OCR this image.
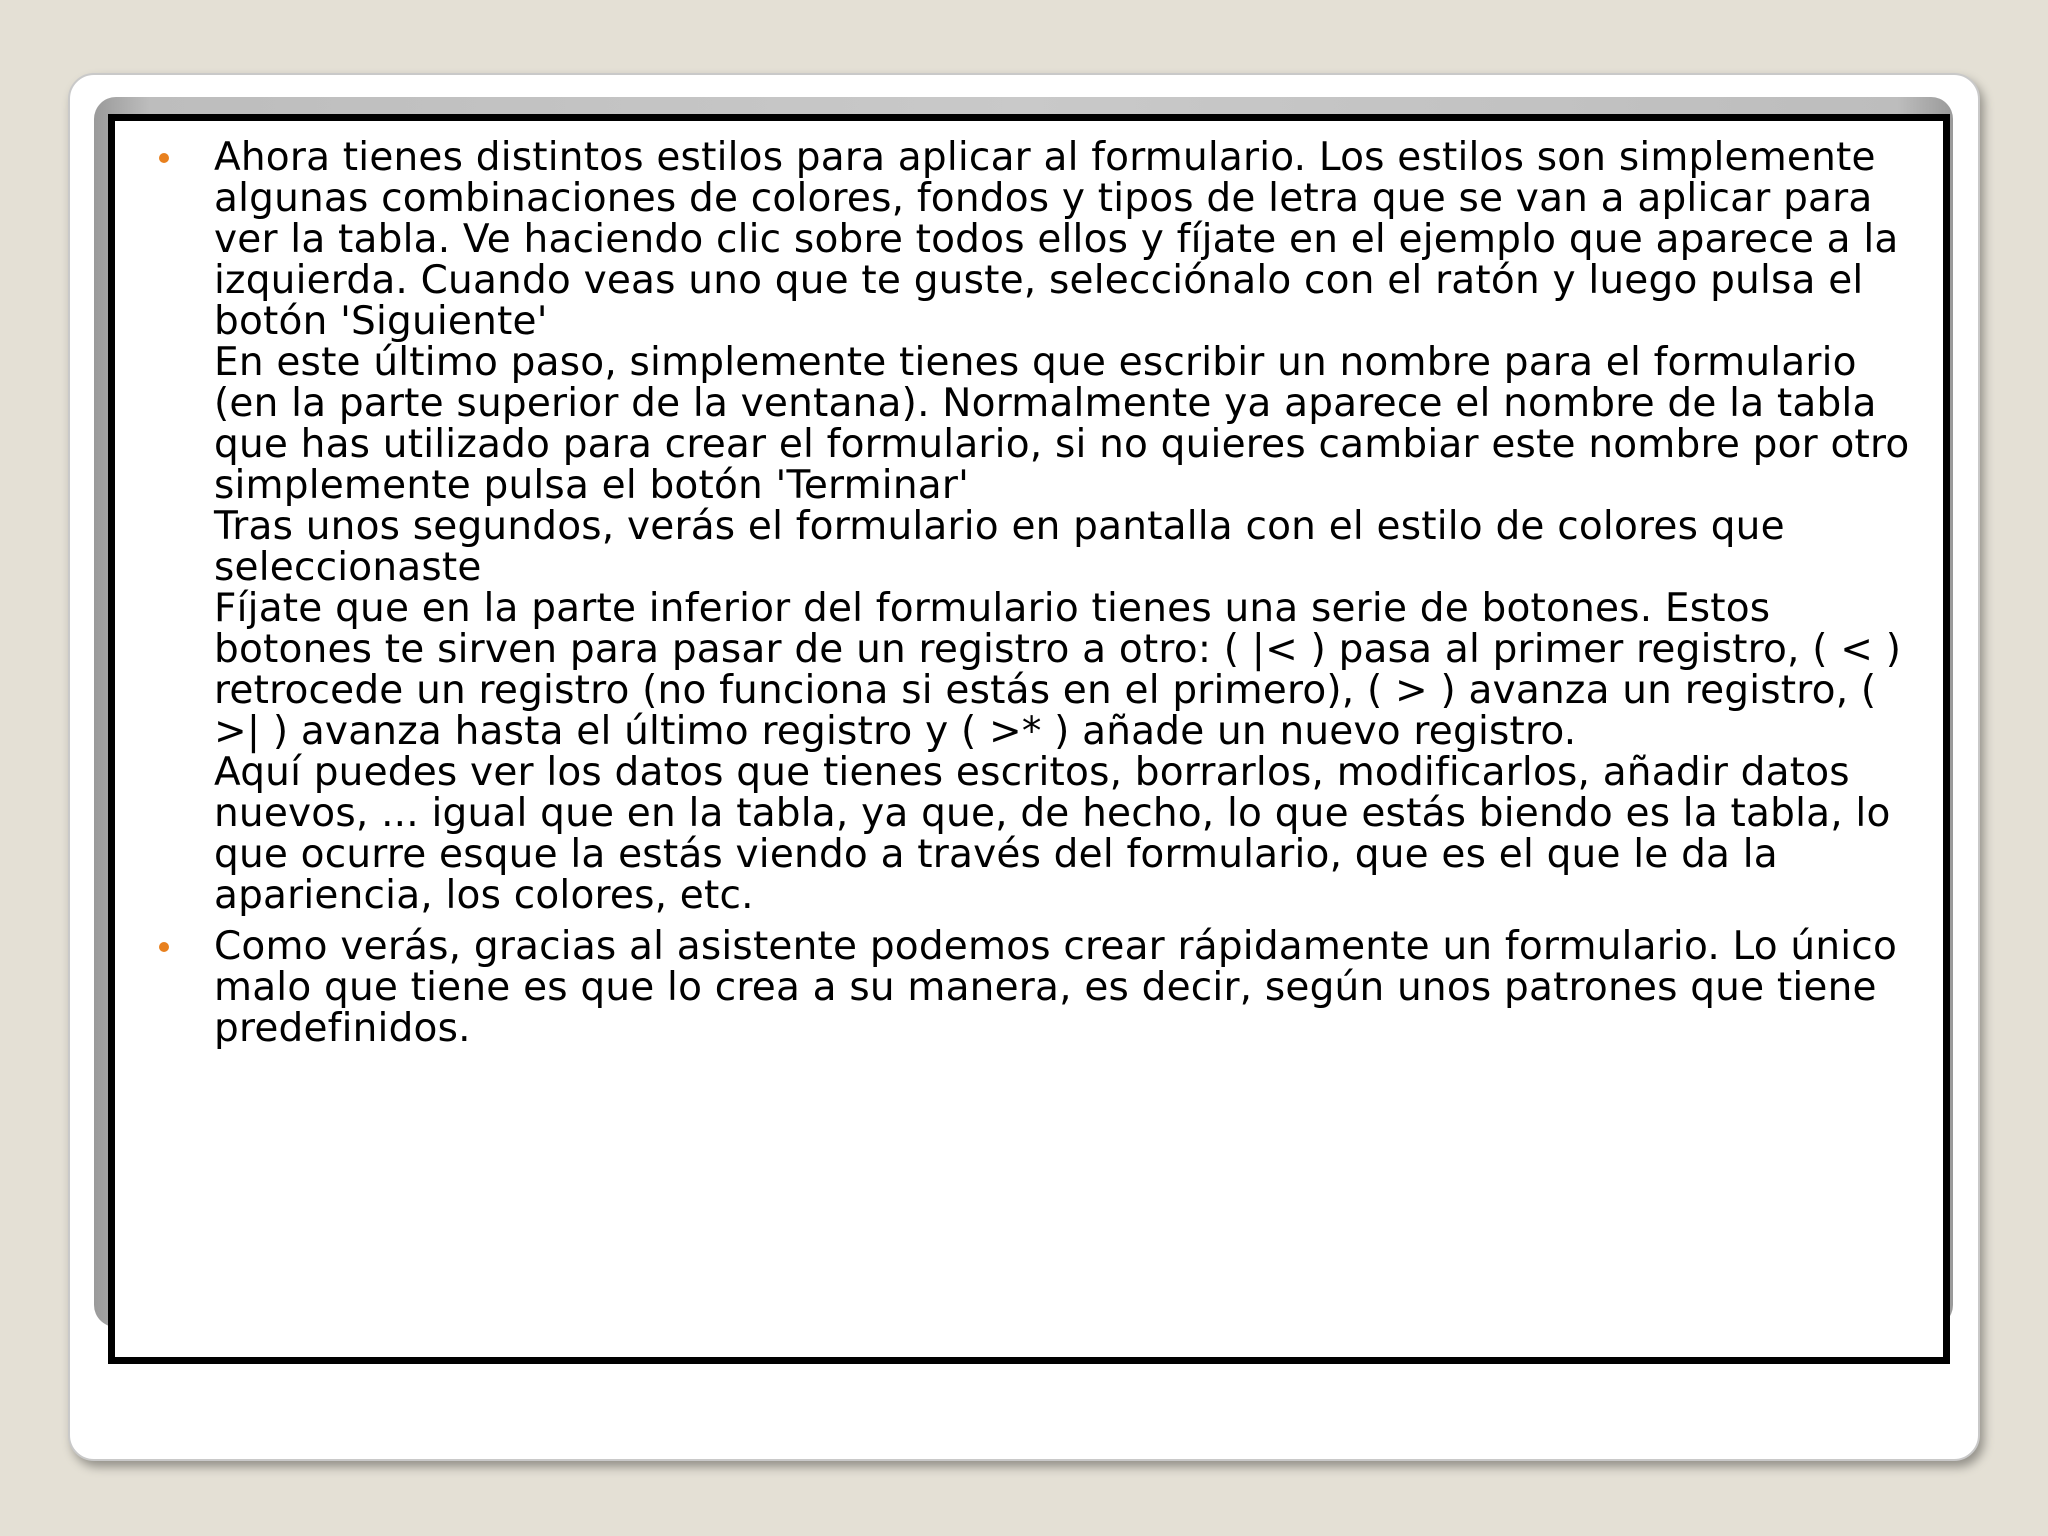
Ahora tienes distintos estilos para aplicar al formulario. Los estilos son simplemente algunas combinaciones de colores, fondos y tipos de letra que se van a aplicar para ver la tabla. Ve haciendo clic sobre todos ellos y fíjate en el ejemplo que aparece a la izquierda. Cuando veas uno que te guste, selecciónalo con el ratón y luego pulsa el botón 'Siguiente'

En este último paso, simplemente tienes que escribir un nombre para el formulario (en la parte superior de la ventana). Normalmente ya aparece el nombre de la tabla que has utilizado para crear el formulario, si no quieres cambiar este nombre por otro simplemente pulsa el botón 'Terminar'

Tras unos segundos, verás el formulario en pantalla con el estilo de colores que seleccionaste

Fíjate que en la parte inferior del formulario tienes una serie de botones. Estos botones te sirven para pasar de un registro a otro: ( |< ) pasa al primer registro, ( < ) retrocede un registro (no funciona si estás en el primero), ( > ) avanza un registro, ( >| ) avanza hasta el último registro y ( >* ) añade un nuevo registro.

Aquí puedes ver los datos que tienes escritos, borrarlos, modificarlos, añadir datos nuevos, ... igual que en la tabla, ya que, de hecho, lo que estás biendo es la tabla, lo que ocurre esque la estás viendo a través del formulario, que es el que le da la apariencia, los colores, etc.

Como verás, gracias al asistente podemos crear rápidamente un formulario. Lo único malo que tiene es que lo crea a su manera, es decir, según unos patrones que tiene predefinidos.
